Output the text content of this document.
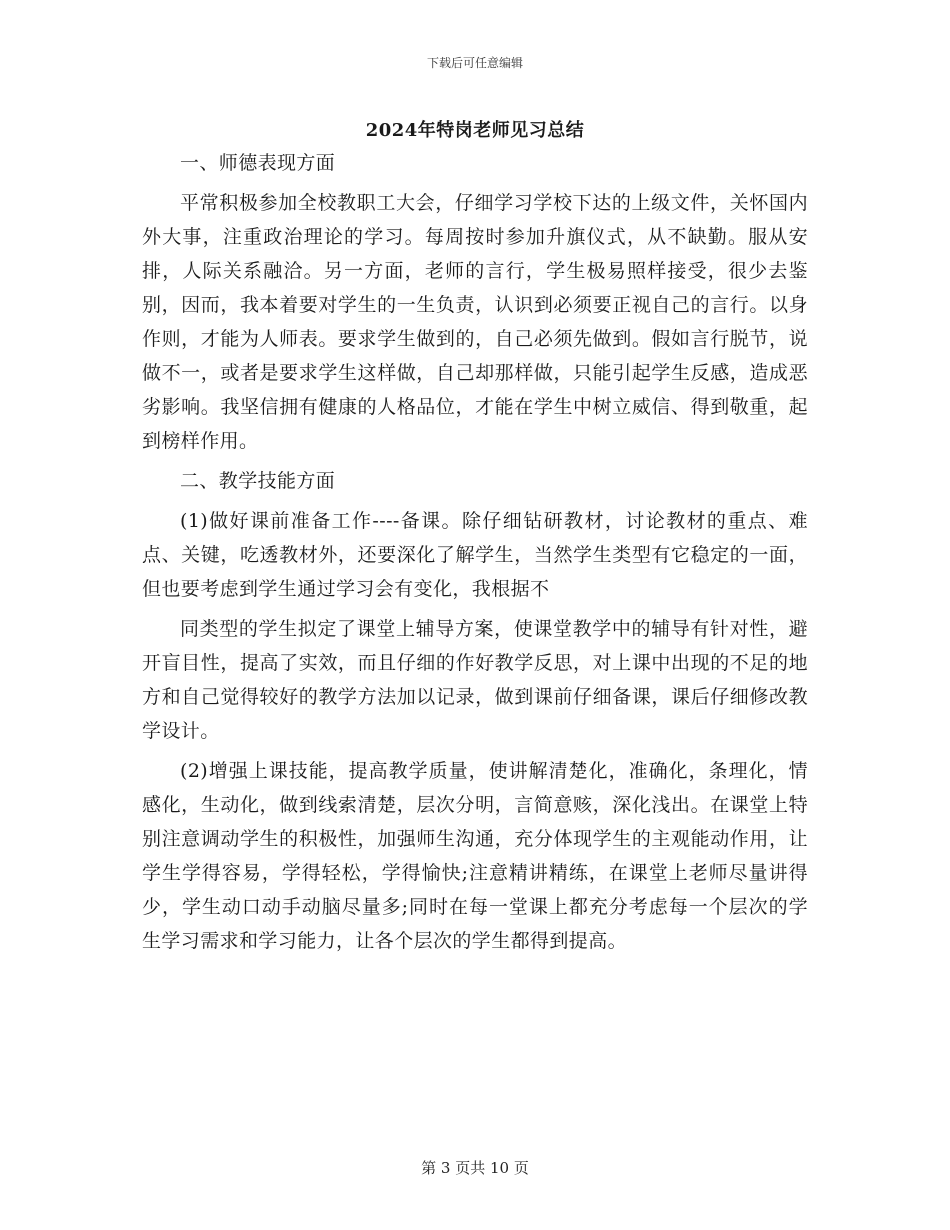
下载后可任意编辑
2024年特岗老师见习总结

一、师德表现方面

平常积极参加全校教职工大会，仔细学习学校下达的上级文件，关怀国内外大事，注重政治理论的学习。每周按时参加升旗仪式，从不缺勤。服从安排，人际关系融洽。另一方面，老师的言行，学生极易照样接受，很少去鉴别，因而，我本着要对学生的一生负责，认识到必须要正视自己的言行。以身作则，才能为人师表。要求学生做到的，自己必须先做到。假如言行脱节，说做不一，或者是要求学生这样做，自己却那样做，只能引起学生反感，造成恶劣影响。我坚信拥有健康的人格品位，才能在学生中树立威信、得到敬重，起到榜样作用。

二、教学技能方面

(1)做好课前准备工作----备课。除仔细钻研教材，讨论教材的重点、难点、关键，吃透教材外，还要深化了解学生，当然学生类型有它稳定的一面，但也要考虑到学生通过学习会有变化，我根据不

同类型的学生拟定了课堂上辅导方案，使课堂教学中的辅导有针对性，避开盲目性，提高了实效，而且仔细的作好教学反思，对上课中出现的不足的地方和自己觉得较好的教学方法加以记录，做到课前仔细备课，课后仔细修改教学设计。

(2)增强上课技能，提高教学质量，使讲解清楚化，准确化，条理化，情感化，生动化，做到线索清楚，层次分明，言简意赅，深化浅出。在课堂上特别注意调动学生的积极性，加强师生沟通，充分体现学生的主观能动作用，让学生学得容易，学得轻松，学得愉快;注意精讲精练，在课堂上老师尽量讲得少，学生动口动手动脑尽量多;同时在每一堂课上都充分考虑每一个层次的学生学习需求和学习能力，让各个层次的学生都得到提高。

第 3 页共 10 页
